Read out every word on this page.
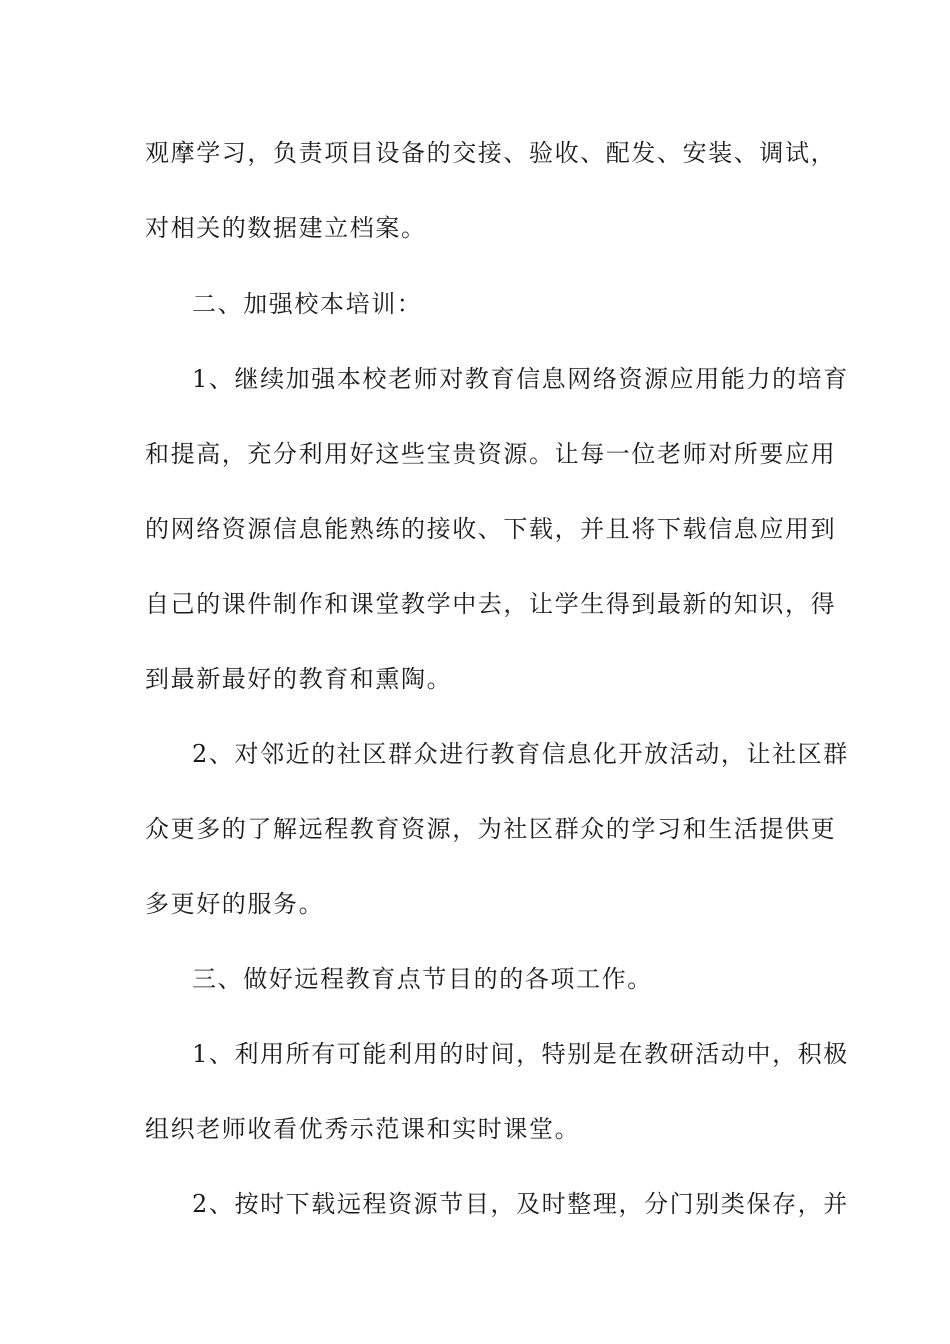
观摩学习，负责项目设备的交接、验收、配发、安装、调试，
对相关的数据建立档案。
二、加强校本培训：
1、继续加强本校老师对教育信息网络资源应用能力的培育
和提高，充分利用好这些宝贵资源。让每一位老师对所要应用
的网络资源信息能熟练的接收、下载，并且将下载信息应用到
自己的课件制作和课堂教学中去，让学生得到最新的知识，得
到最新最好的教育和熏陶。
2、对邻近的社区群众进行教育信息化开放活动，让社区群
众更多的了解远程教育资源，为社区群众的学习和生活提供更
多更好的服务。
三、做好远程教育点节目的的各项工作。
1、利用所有可能利用的时间，特别是在教研活动中，积极
组织老师收看优秀示范课和实时课堂。
2、按时下载远程资源节目，及时整理，分门别类保存，并
